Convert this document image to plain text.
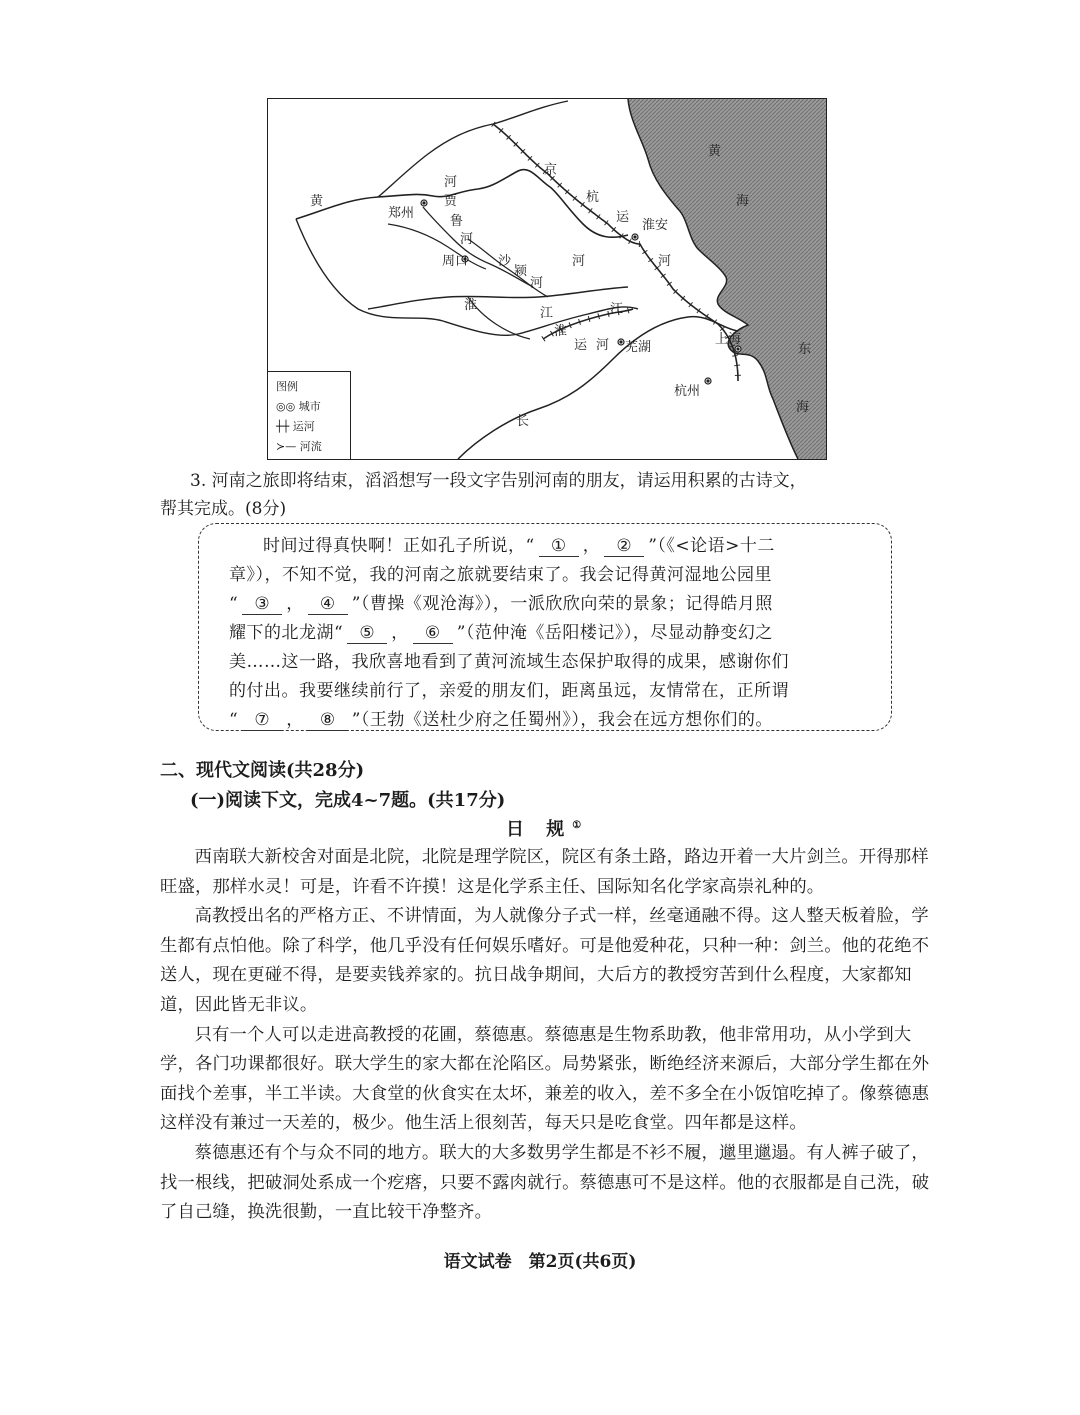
黄
河
郑州
贾
鲁
河
周口 沙
颍
河
淮
河
京
杭
运
淮安
河
江	江
淮
运 河 芜湖
上海
杭州
长
黄
海
东
海
图例
◎◎ 城市
┼┼ 运河
≻— 河流
3. 河南之旅即将结束，滔滔想写一段文字告别河南的朋友，请运用积累的古诗文，
帮其完成。(8分)
时间过得真快啊！正如孔子所说，“ ① ， ② ”（《<论语>十二
章》），不知不觉，我的河南之旅就要结束了。我会记得黄河湿地公园里
“ ③ ， ④ ”（曹操《观沧海》），一派欣欣向荣的景象；记得皓月照
耀下的北龙湖“ ⑤ ， ⑥ ”（范仲淹《岳阳楼记》），尽显动静变幻之
美……这一路，我欣喜地看到了黄河流域生态保护取得的成果，感谢你们
的付出。我要继续前行了，亲爱的朋友们，距离虽远，友情常在，正所谓
“ ⑦ ， ⑧ ”（王勃《送杜少府之任蜀州》），我会在远方想你们的。
二、现代文阅读(共28分)
(一)阅读下文，完成4~7题。(共17分)
日 规①

西南联大新校舍对面是北院，北院是理学院区，院区有条土路，路边开着一大片剑兰。开得那样旺盛，那样水灵！可是，许看不许摸！这是化学系主任、国际知名化学家高崇礼种的。

高教授出名的严格方正、不讲情面，为人就像分子式一样，丝毫通融不得。这人整天板着脸，学生都有点怕他。除了科学，他几乎没有任何娱乐嗜好。可是他爱种花，只种一种：剑兰。他的花绝不送人，现在更碰不得，是要卖钱养家的。抗日战争期间，大后方的教授穷苦到什么程度，大家都知道，因此皆无非议。

只有一个人可以走进高教授的花圃，蔡德惠。蔡德惠是生物系助教，他非常用功，从小学到大学，各门功课都很好。联大学生的家大都在沦陷区。局势紧张，断绝经济来源后，大部分学生都在外面找个差事，半工半读。大食堂的伙食实在太坏，兼差的收入，差不多全在小饭馆吃掉了。像蔡德惠这样没有兼过一天差的，极少。他生活上很刻苦，每天只是吃食堂。四年都是这样。

蔡德惠还有个与众不同的地方。联大的大多数男学生都是不衫不履，邋里邋遢。有人裤子破了，找一根线，把破洞处系成一个疙瘩，只要不露肉就行。蔡德惠可不是这样。他的衣服都是自己洗，破了自己缝，换洗很勤，一直比较干净整齐。

语文试卷　第2页(共6页)
